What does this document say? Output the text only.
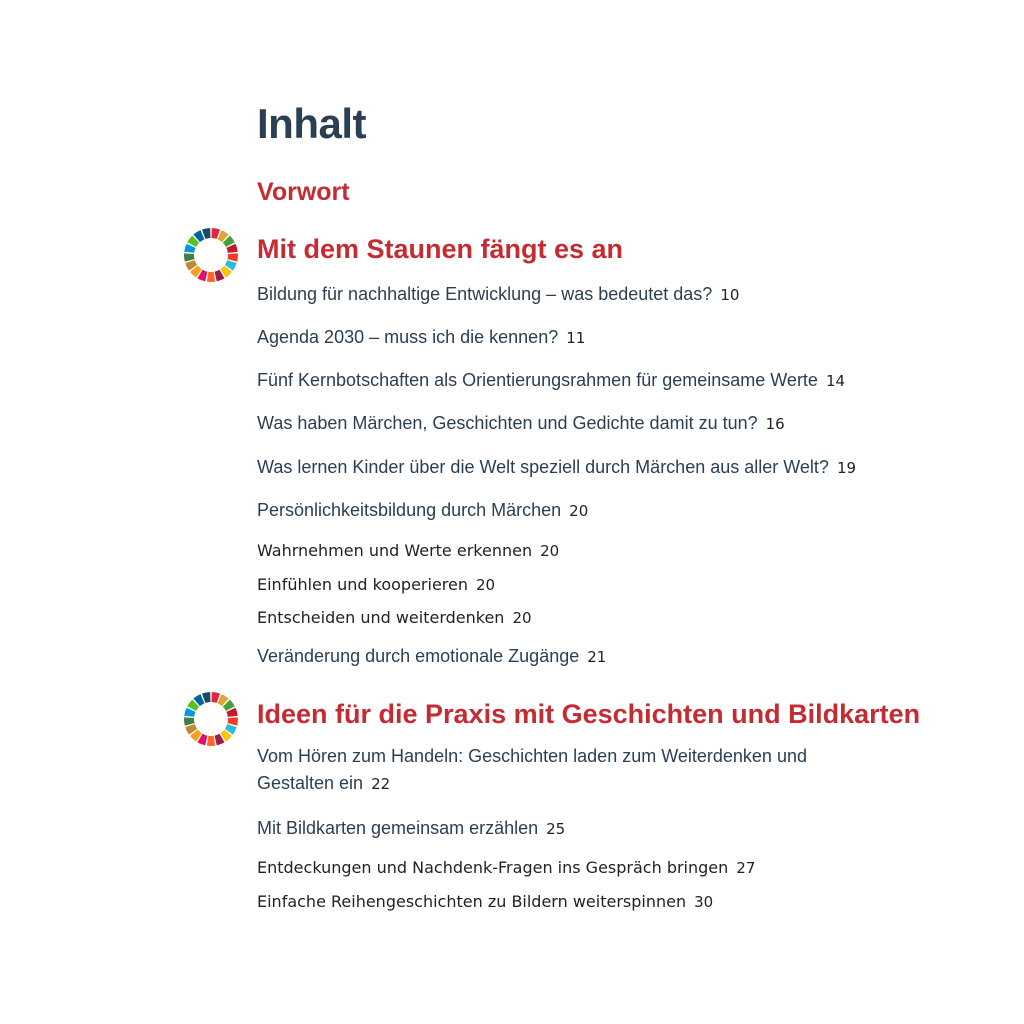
Inhalt
Vorwort
Mit dem Staunen fängt es an

Bildung für nachhaltige Entwicklung – was bedeutet das? 10

Agenda 2030 – muss ich die kennen? 11

Fünf Kernbotschaften als Orientierungsrahmen für gemeinsame Werte 14

Was haben Märchen, Geschichten und Gedichte damit zu tun? 16

Was lernen Kinder über die Welt speziell durch Märchen aus aller Welt? 19

Persönlichkeitsbildung durch Märchen 20

Wahrnehmen und Werte erkennen 20

Einfühlen und kooperieren 20

Entscheiden und weiterdenken 20

Veränderung durch emotionale Zugänge 21

Ideen für die Praxis mit Geschichten und Bildkarten

Vom Hören zum Handeln: Geschichten laden zum Weiterdenken und Gestalten ein 22

Mit Bildkarten gemeinsam erzählen 25

Entdeckungen und Nachdenk-Fragen ins Gespräch bringen 27

Einfache Reihengeschichten zu Bildern weiterspinnen 30
